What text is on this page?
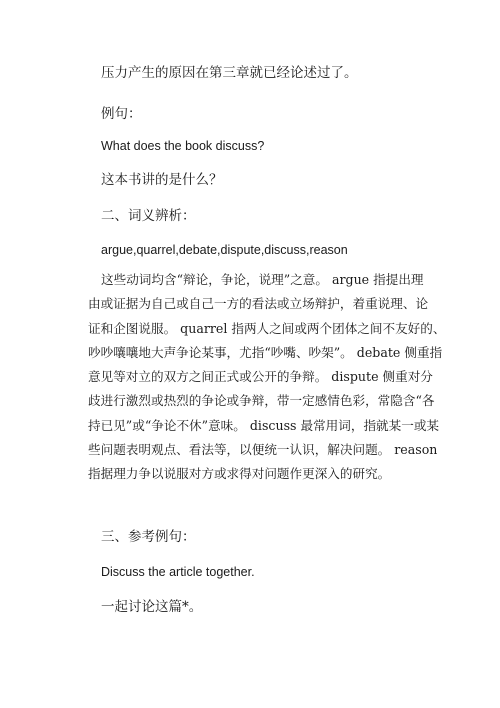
压力产生的原因在第三章就已经论述过了。

例句：

What does the book discuss?

这本书讲的是什么？

二、词义辨析：

argue,quarrel,debate,dispute,discuss,reason

这些动词均含“辩论，争论，说理”之意。 argue 指提出理
由或证据为自己或自己一方的看法或立场辩护，着重说理、论
证和企图说服。 quarrel 指两人之间或两个团体之间不友好的、
吵吵嚷嚷地大声争论某事，尤指“吵嘴、吵架”。 debate 侧重指
意见等对立的双方之间正式或公开的争辩。 dispute 侧重对分
歧进行激烈或热烈的争论或争辩，带一定感情色彩，常隐含“各
持已见”或“争论不休”意味。 discuss 最常用词，指就某一或某
些问题表明观点、看法等，以便统一认识，解决问题。 reason
指据理力争以说服对方或求得对问题作更深入的研究。

三、参考例句：

Discuss the article together.

一起讨论这篇*。
